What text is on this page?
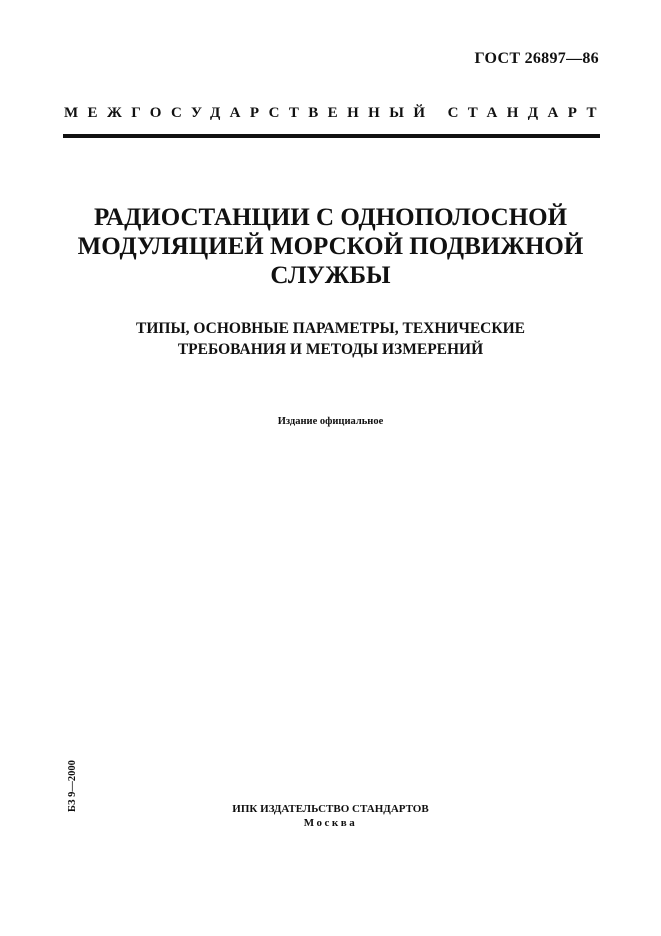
ГОСТ 26897—86
МЕЖГОСУДАРСТВЕННЫЙ СТАНДАРТ
РАДИОСТАНЦИИ С ОДНОПОЛОСНОЙ
МОДУЛЯЦИЕЙ МОРСКОЙ ПОДВИЖНОЙ
СЛУЖБЫ
ТИПЫ, ОСНОВНЫЕ ПАРАМЕТРЫ, ТЕХНИЧЕСКИЕ
ТРЕБОВАНИЯ И МЕТОДЫ ИЗМЕРЕНИЙ
Издание официальное
БЗ 9—2000	ИПК ИЗДАТЕЛЬСТВО СТАНДАРТОВ
Москва
